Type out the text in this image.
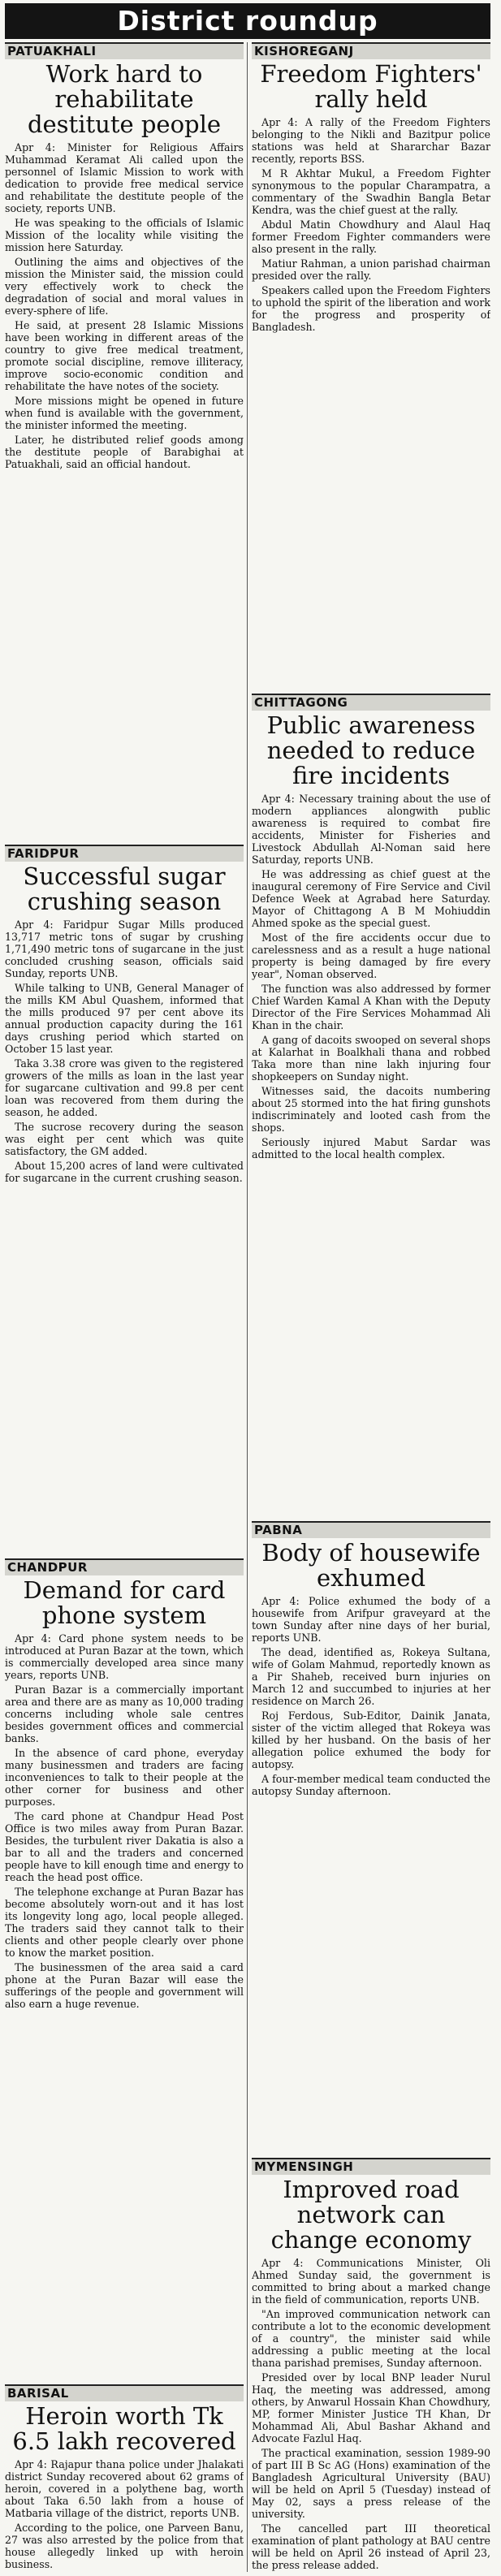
District roundup
PATUAKHALI
Work hard to rehabilitate destitute people

Apr 4: Minister for Religious Affairs Muhammad Keramat Ali called upon the personnel of Islamic Mission to work with dedication to provide free medical service and rehabilitate the destitute people of the society, reports UNB.

He was speaking to the officials of Islamic Mission of the locality while visiting the mission here Saturday.

Outlining the aims and objectives of the mission the Minister said, the mission could very effectively work to check the degradation of social and moral values in every-sphere of life.

He said, at present 28 Islamic Missions have been working in different areas of the country to give free medical treatment, promote social discipline, remove illiteracy, improve socio-economic condition and rehabilitate the have notes of the society.

More missions might be opened in future when fund is available with the government, the minister informed the meeting.

Later, he distributed relief goods among the destitute people of Barabighai at Patuakhali, said an official handout.

FARIDPUR
Successful sugar crushing season

Apr 4: Faridpur Sugar Mills produced 13,717 metric tons of sugar by crushing 1,71,490 metric tons of sugarcane in the just concluded crushing season, officials said Sunday, reports UNB.

While talking to UNB, General Manager of the mills KM Abul Quashem, informed that the mills produced 97 per cent above its annual production capacity during the 161 days crushing period which started on October 15 last year.

Taka 3.38 crore was given to the registered growers of the mills as loan in the last year for sugarcane cultivation and 99.8 per cent loan was recovered from them during the season, he added.

The sucrose recovery during the season was eight per cent which was quite satisfactory, the GM added.

About 15,200 acres of land were cultivated for sugarcane in the current crushing season.

CHANDPUR
Demand for card phone system

Apr 4: Card phone system needs to be introduced at Puran Bazar at the town, which is commercially developed area since many years, reports UNB.

Puran Bazar is a commercially important area and there are as many as 10,000 trading concerns including whole sale centres besides government offices and commercial banks.

In the absence of card phone, everyday many businessmen and traders are facing inconveniences to talk to their people at the other corner for business and other purposes.

The card phone at Chandpur Head Post Office is two miles away from Puran Bazar. Besides, the turbulent river Dakatia is also a bar to all and the traders and concerned people have to kill enough time and energy to reach the head post office.

The telephone exchange at Puran Bazar has become absolutely worn-out and it has lost its longevity long ago, local people alleged. The traders said they cannot talk to their clients and other people clearly over phone to know the market position.

The businessmen of the area said a card phone at the Puran Bazar will ease the sufferings of the people and government will also earn a huge revenue.

BARISAL
Heroin worth Tk 6.5 lakh recovered

Apr 4: Rajapur thana police under Jhalakati district Sunday recovered about 62 grams of heroin, covered in a polythene bag, worth about Taka 6.50 lakh from a house of Matbaria village of the district, reports UNB.

According to the police, one Parveen Banu, 27 was also arrested by the police from that house allegedly linked up with heroin business.

KISHOREGANJ
Freedom Fighters' rally held

Apr 4: A rally of the Freedom Fighters belonging to the Nikli and Bazitpur police stations was held at Shararchar Bazar recently, reports BSS.

M R Akhtar Mukul, a Freedom Fighter synonymous to the popular Charampatra, a commentary of the Swadhin Bangla Betar Kendra, was the chief guest at the rally.

Abdul Matin Chowdhury and Alaul Haq former Freedom Fighter commanders were also present in the rally.

Matiur Rahman, a union parishad chairman presided over the rally.

Speakers called upon the Freedom Fighters to uphold the spirit of the liberation and work for the progress and prosperity of Bangladesh.

CHITTAGONG
Public awareness needed to reduce fire incidents

Apr 4: Necessary training about the use of modern appliances alongwith public awareness is required to combat fire accidents, Minister for Fisheries and Livestock Abdullah Al-Noman said here Saturday, reports UNB.

He was addressing as chief guest at the inaugural ceremony of Fire Service and Civil Defence Week at Agrabad here Saturday. Mayor of Chittagong A B M Mohiuddin Ahmed spoke as the special guest.

Most of the fire accidents occur due to carelessness and as a result a huge national property is being damaged by fire every year", Noman observed.

The function was also addressed by former Chief Warden Kamal A Khan with the Deputy Director of the Fire Services Mohammad Ali Khan in the chair.

A gang of dacoits swooped on several shops at Kalarhat in Boalkhali thana and robbed Taka more than nine lakh injuring four shopkeepers on Sunday night.

Witnesses said, the dacoits numbering about 25 stormed into the hat firing gunshots indiscriminately and looted cash from the shops.

Seriously injured Mabut Sardar was admitted to the local health complex.

PABNA
Body of housewife exhumed

Apr 4: Police exhumed the body of a housewife from Arifpur graveyard at the town Sunday after nine days of her burial, reports UNB.

The dead, identified as, Rokeya Sultana, wife of Golam Mahmud, reportedly known as a Pir Shaheb, received burn injuries on March 12 and succumbed to injuries at her residence on March 26.

Roj Ferdous, Sub-Editor, Dainik Janata, sister of the victim alleged that Rokeya was killed by her husband. On the basis of her allegation police exhumed the body for autopsy.

A four-member medical team conducted the autopsy Sunday afternoon.

MYMENSINGH
Improved road network can change economy

Apr 4: Communications Minister, Oli Ahmed Sunday said, the government is committed to bring about a marked change in the field of communication, reports UNB.

"An improved communication network can contribute a lot to the economic development of a country", the minister said while addressing a public meeting at the local thana parishad premises, Sunday afternoon.

Presided over by local BNP leader Nurul Haq, the meeting was addressed, among others, by Anwarul Hossain Khan Chowdhury, MP, former Minister Justice TH Khan, Dr Mohammad Ali, Abul Bashar Akhand and Advocate Fazlul Haq.

The practical examination, session 1989-90 of part III B Sc AG (Hons) examination of the Bangladesh Agricultural University (BAU) will be held on April 5 (Tuesday) instead of May 02, says a press release of the university.

The cancelled part III theoretical examination of plant pathology at BAU centre will be held on April 26 instead of April 23, the press release added.
